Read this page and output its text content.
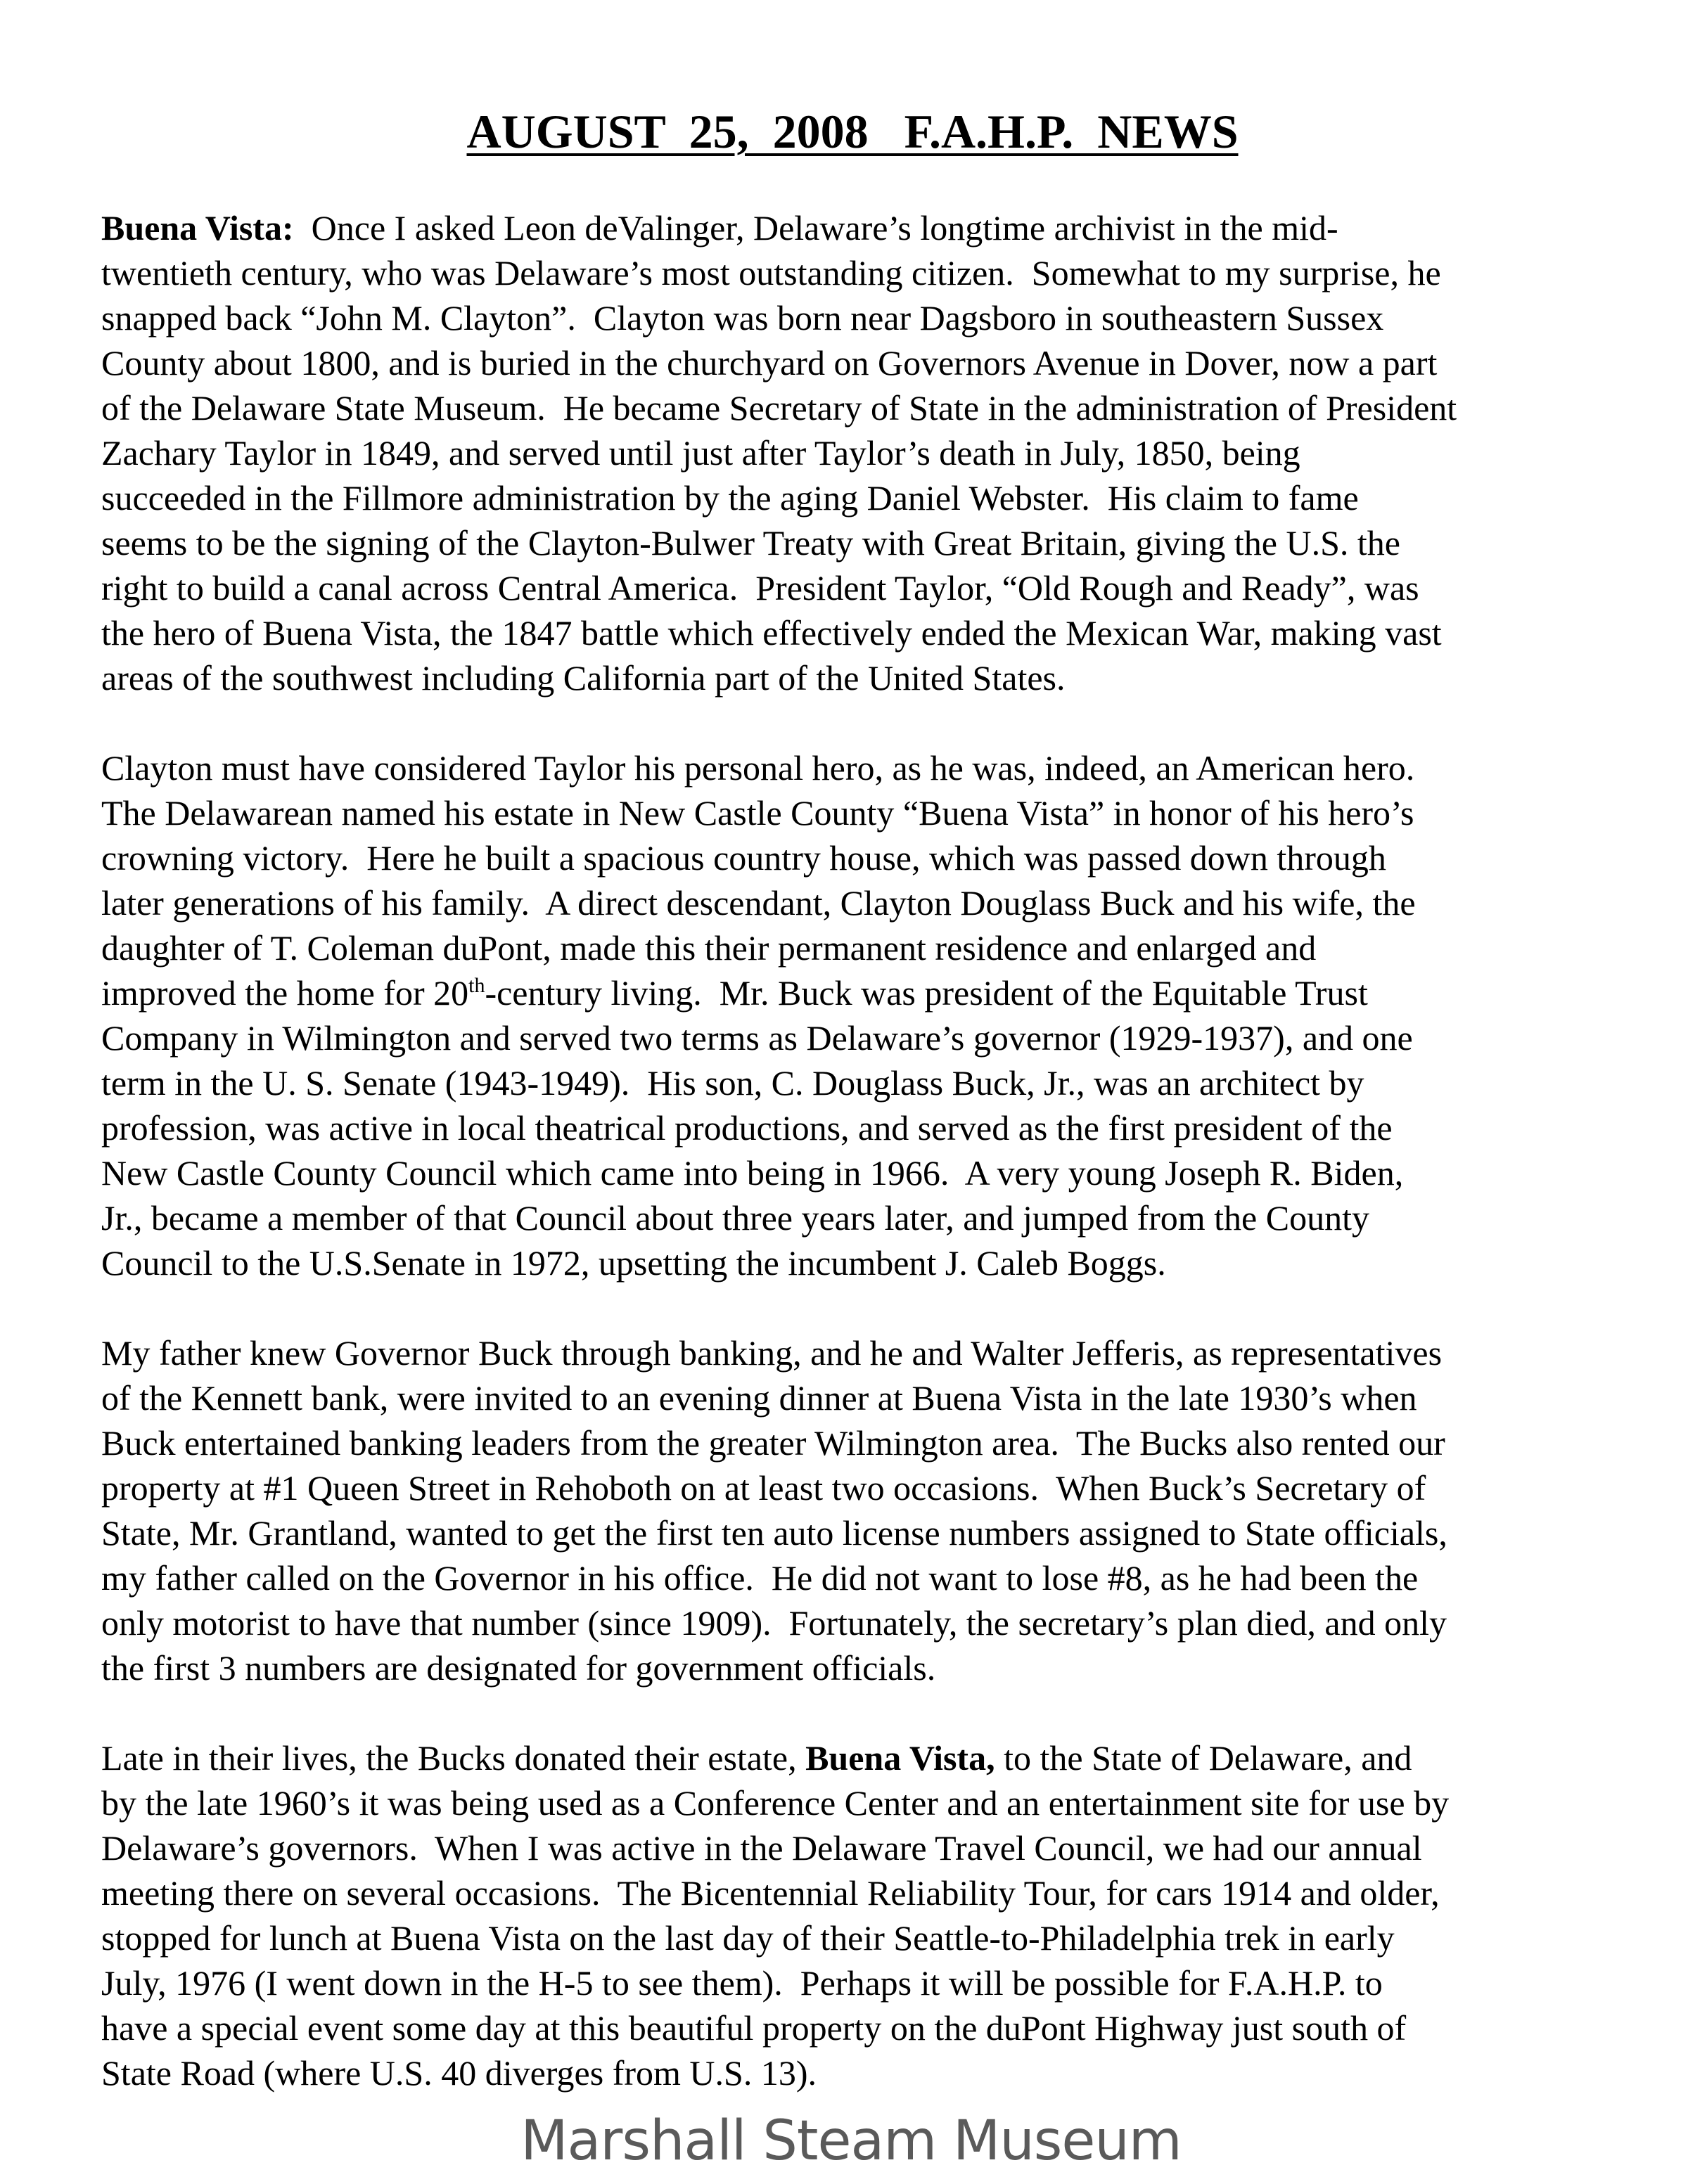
AUGUST  25,  2008   F.A.H.P.  NEWS
Buena Vista:  Once I asked Leon deValinger, Delaware’s longtime archivist in the mid-
twentieth century, who was Delaware’s most outstanding citizen.  Somewhat to my surprise, he
snapped back “John M. Clayton”.  Clayton was born near Dagsboro in southeastern Sussex
County about 1800, and is buried in the churchyard on Governors Avenue in Dover, now a part
of the Delaware State Museum.  He became Secretary of State in the administration of President
Zachary Taylor in 1849, and served until just after Taylor’s death in July, 1850, being
succeeded in the Fillmore administration by the aging Daniel Webster.  His claim to fame
seems to be the signing of the Clayton-Bulwer Treaty with Great Britain, giving the U.S. the
right to build a canal across Central America.  President Taylor, “Old Rough and Ready”, was
the hero of Buena Vista, the 1847 battle which effectively ended the Mexican War, making vast
areas of the southwest including California part of the United States.
Clayton must have considered Taylor his personal hero, as he was, indeed, an American hero.
The Delawarean named his estate in New Castle County “Buena Vista” in honor of his hero’s
crowning victory.  Here he built a spacious country house, which was passed down through
later generations of his family.  A direct descendant, Clayton Douglass Buck and his wife, the
daughter of T. Coleman duPont, made this their permanent residence and enlarged and
improved the home for 20th-century living.  Mr. Buck was president of the Equitable Trust
Company in Wilmington and served two terms as Delaware’s governor (1929-1937), and one
term in the U. S. Senate (1943-1949).  His son, C. Douglass Buck, Jr., was an architect by
profession, was active in local theatrical productions, and served as the first president of the
New Castle County Council which came into being in 1966.  A very young Joseph R. Biden,
Jr., became a member of that Council about three years later, and jumped from the County
Council to the U.S.Senate in 1972, upsetting the incumbent J. Caleb Boggs.
My father knew Governor Buck through banking, and he and Walter Jefferis, as representatives
of the Kennett bank, were invited to an evening dinner at Buena Vista in the late 1930’s when
Buck entertained banking leaders from the greater Wilmington area.  The Bucks also rented our
property at #1 Queen Street in Rehoboth on at least two occasions.  When Buck’s Secretary of
State, Mr. Grantland, wanted to get the first ten auto license numbers assigned to State officials,
my father called on the Governor in his office.  He did not want to lose #8, as he had been the
only motorist to have that number (since 1909).  Fortunately, the secretary’s plan died, and only
the first 3 numbers are designated for government officials.
Late in their lives, the Bucks donated their estate, Buena Vista, to the State of Delaware, and
by the late 1960’s it was being used as a Conference Center and an entertainment site for use by
Delaware’s governors.  When I was active in the Delaware Travel Council, we had our annual
meeting there on several occasions.  The Bicentennial Reliability Tour, for cars 1914 and older,
stopped for lunch at Buena Vista on the last day of their Seattle-to-Philadelphia trek in early
July, 1976 (I went down in the H-5 to see them).  Perhaps it will be possible for F.A.H.P. to
have a special event some day at this beautiful property on the duPont Highway just south of
State Road (where U.S. 40 diverges from U.S. 13).
Marshall Steam Museum
